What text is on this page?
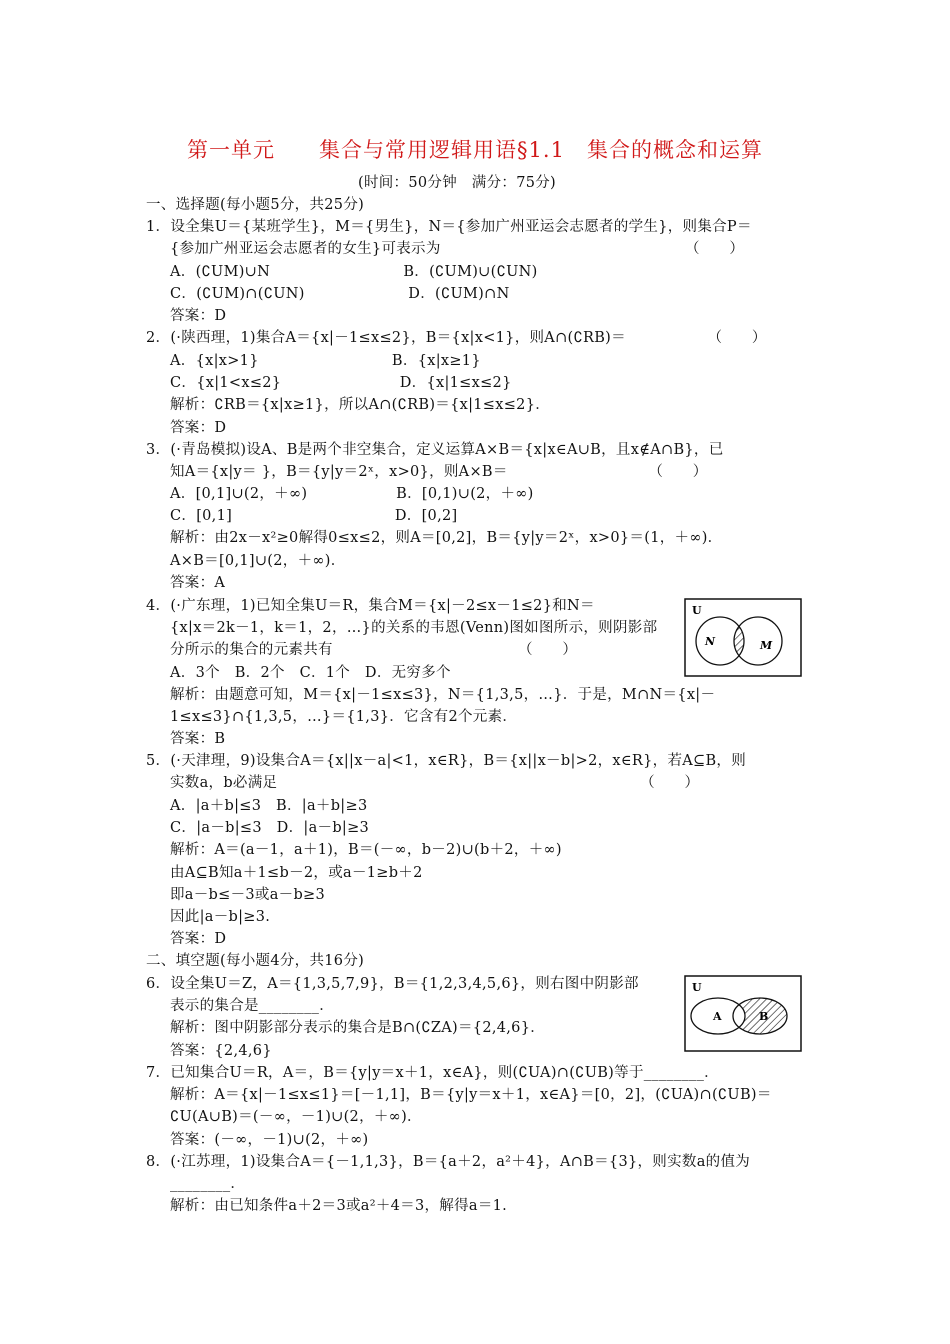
第一单元　　集合与常用逻辑用语§1.1　集合的概念和运算
(时间：50分钟　满分：75分)
一、选择题(每小题5分，共25分)
1．设全集U＝{某班学生}，M＝{男生}，N＝{参加广州亚运会志愿者的学生}，则集合P＝
{参加广州亚运会志愿者的女生}可表示为　　　　　　　　　　　　　　　　　（　　）
A．(∁UM)∪N　　　　　　　　　B．(∁UM)∪(∁UN)
C．(∁UM)∩(∁UN)　　　　　　　D．(∁UM)∩N
答案：D
2．(·陕西理，1)集合A＝{x|－1≤x≤2}，B＝{x|x<1}，则A∩(∁RB)＝　　　　　　（　　）
A．{x|x>1}　　　　　　　　　B．{x|x≥1}
C．{x|1<x≤2}　　　　　　　　D．{x|1≤x≤2}
解析：∁RB＝{x|x≥1}，所以A∩(∁RB)＝{x|1≤x≤2}．
答案：D
3．(·青岛模拟)设A、B是两个非空集合，定义运算A×B＝{x|x∈A∪B，且x∉A∩B}，已
知A＝{x|y＝ }，B＝{y|y＝2ˣ，x>0}，则A×B＝　　　　　　　　　　（　　）
A．[0,1]∪(2，＋∞)　　　　　　B．[0,1)∪(2，＋∞)
C．[0,1]　　　　　　　　　　　D．[0,2]
解析：由2x－x²≥0解得0≤x≤2，则A＝[0,2]，B＝{y|y＝2ˣ，x>0}＝(1，＋∞)．
A×B＝[0,1]∪(2，＋∞)．
答案：A
4．(·广东理，1)已知全集U＝R，集合M＝{x|－2≤x－1≤2}和N＝
{x|x＝2k－1，k＝1，2，…}的关系的韦恩(Venn)图如图所示，则阴影部
分所示的集合的元素共有　　　　　　　　　　　　　（　　）
A．3个　B．2个　C．1个　D．无穷多个
解析：由题意可知，M＝{x|－1≤x≤3}，N＝{1,3,5，…}．于是，M∩N＝{x|－
1≤x≤3}∩{1,3,5，…}＝{1,3}．它含有2个元素．
答案：B
U
N	M
5．(·天津理，9)设集合A＝{x||x－a|<1，x∈R}，B＝{x||x－b|>2，x∈R}，若A⊆B，则
实数a，b必满足　　　　　　　　　　　　　　　　　　　　　　　　　（　　）
A．|a＋b|≤3　B．|a＋b|≥3
C．|a－b|≤3　D．|a－b|≥3
解析：A＝(a－1，a＋1)，B＝(－∞，b－2)∪(b＋2，＋∞)
由A⊆B知a＋1≤b－2，或a－1≥b＋2
即a－b≤－3或a－b≥3
因此|a－b|≥3.
答案：D
二、填空题(每小题4分，共16分)
6．设全集U＝Z，A＝{1,3,5,7,9}，B＝{1,2,3,4,5,6}，则右图中阴影部
表示的集合是________．
解析：图中阴影部分表示的集合是B∩(∁ZA)＝{2,4,6}．
答案：{2,4,6}
U
A	B
7．已知集合U＝R，A＝，B＝{y|y＝x＋1，x∈A}，则(∁UA)∩(∁UB)等于________．
解析：A＝{x|－1≤x≤1}＝[－1,1]，B＝{y|y＝x＋1，x∈A}＝[0，2]，(∁UA)∩(∁UB)＝
∁U(A∪B)＝(－∞，－1)∪(2，＋∞)．
答案：(－∞，－1)∪(2，＋∞)
8．(·江苏理，1)设集合A＝{－1,1,3}，B＝{a＋2，a²＋4}，A∩B＝{3}，则实数a的值为
________．
解析：由已知条件a＋2＝3或a²＋4＝3，解得a＝1.
